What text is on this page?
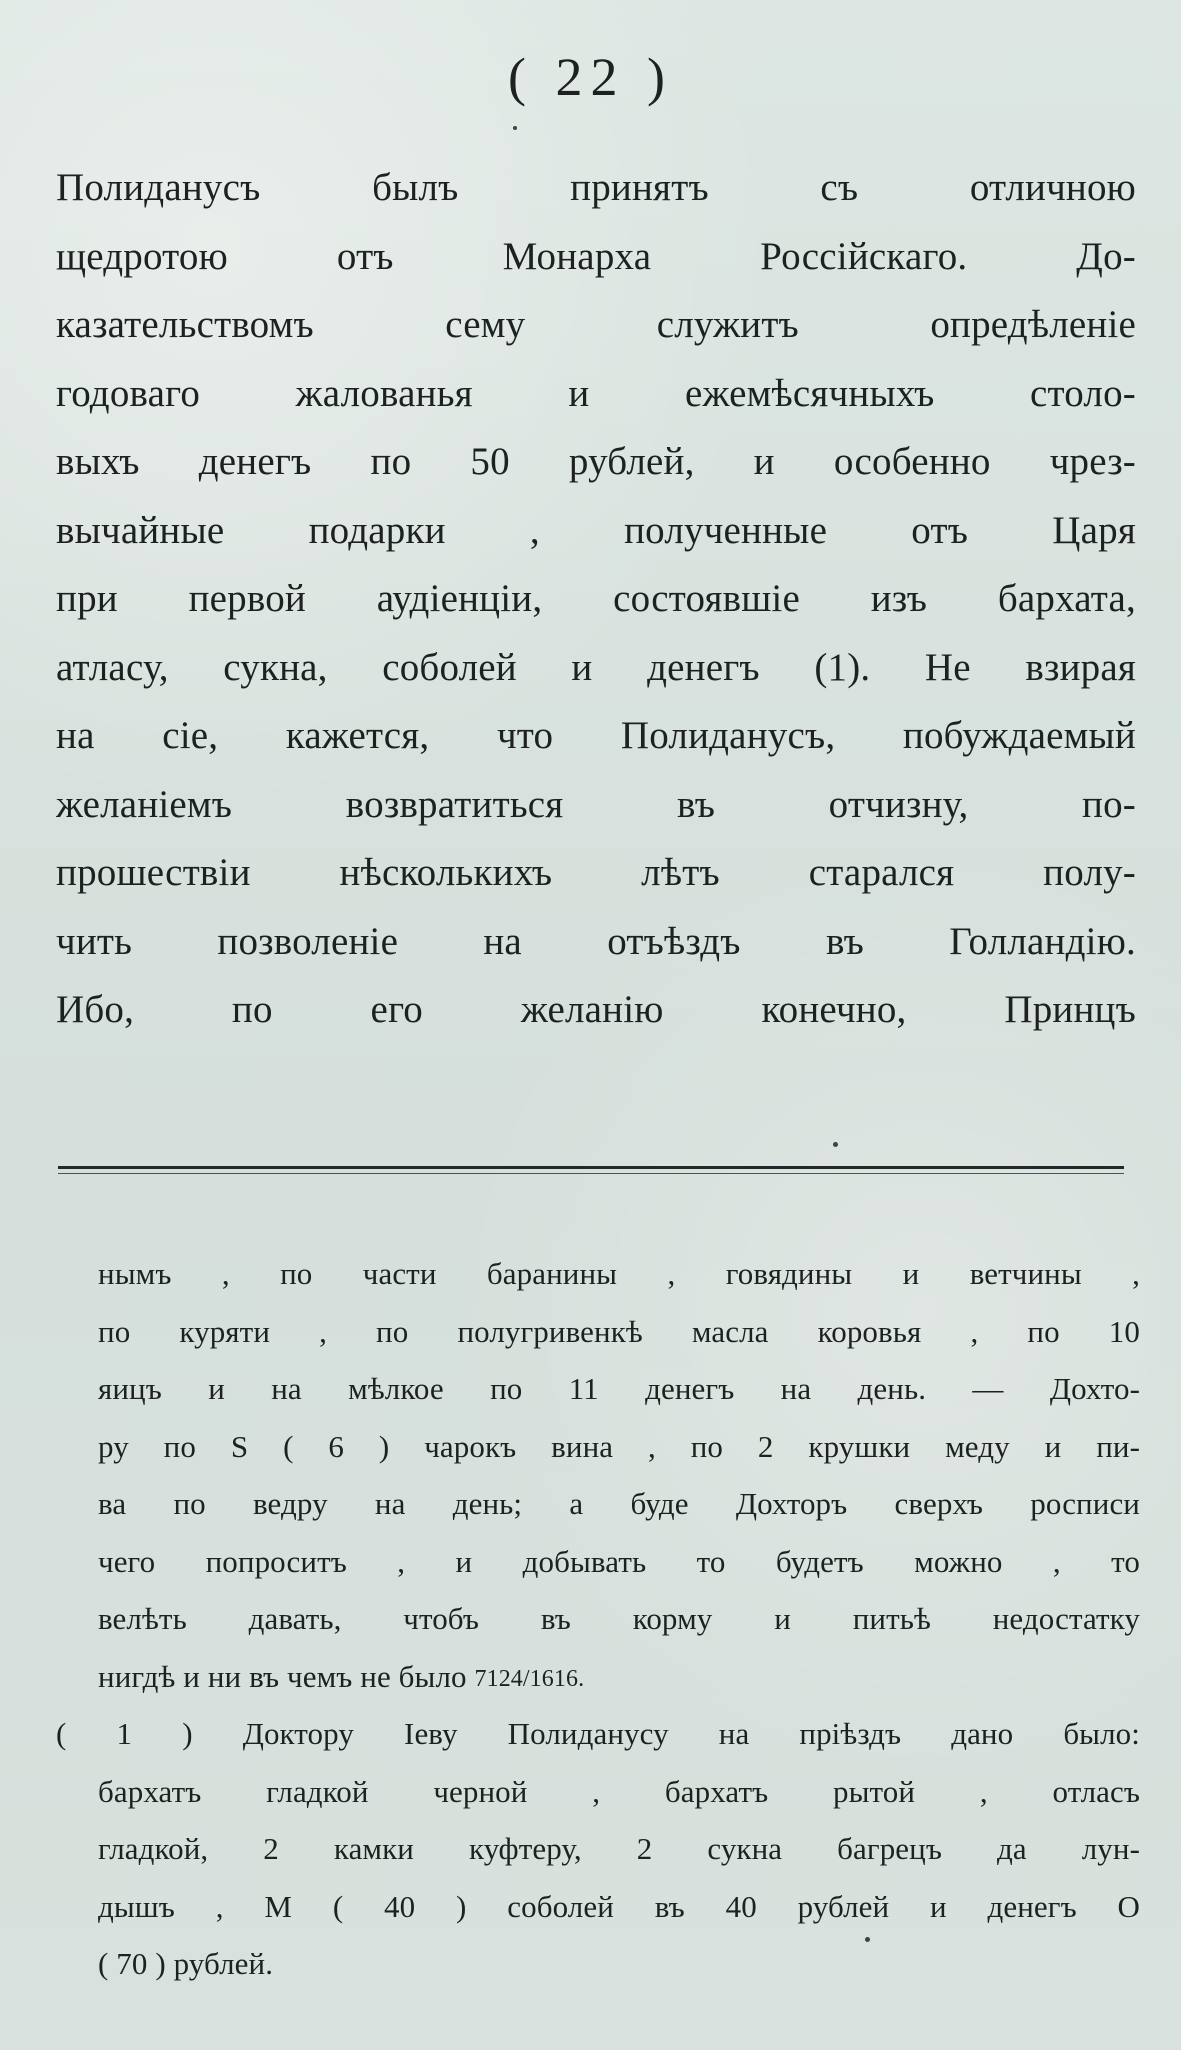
( 22 )
Полиданусъ былъ принятъ съ отличною
щедротою отъ Монарха Россійскаго. До-
казательствомъ сему служитъ опредѣленіе
годоваго жалованья и ежемѣсячныхъ столо-
выхъ денегъ по 50 рублей, и особенно чрез-
вычайные подарки , полученные отъ Царя
при первой аудіенціи, состоявшіе изъ бархата,
атласу, сукна, соболей и денегъ (1). Не взирая
на сіе, кажется, что Полиданусъ, побуждаемый
желаніемъ возвратиться въ отчизну, по-
прошествіи нѣсколькихъ лѣтъ старался полу-
чить позволеніе на отъѣздъ въ Голландію.
Ибо, по его желанію конечно, Принцъ
нымъ , по части баранины , говядины и ветчины ,
по куряти , по полугривенкѣ масла коровья , по 10
яицъ и на мѣлкое по 11 денегъ на день. — Дохто-
ру по S ( 6 ) чарокъ вина , по 2 крушки меду и пи-
ва по ведру на день; а буде Дохторъ сверхъ росписи
чего попроситъ , и добывать то будетъ можно , то
велѣть давать, чтобъ въ корму и питьѣ недостатку
нигдѣ и ни въ чемъ не было 7124/1616.
( 1 ) Доктору Іеву Полиданусу на пріѣздъ дано было:
бархатъ гладкой черной , бархатъ рытой , отласъ
гладкой, 2 камки куфтеру, 2 сукна багрецъ да лун-
дышъ , M ( 40 ) соболей въ 40 рублей и денегъ O
( 70 ) рублей.
